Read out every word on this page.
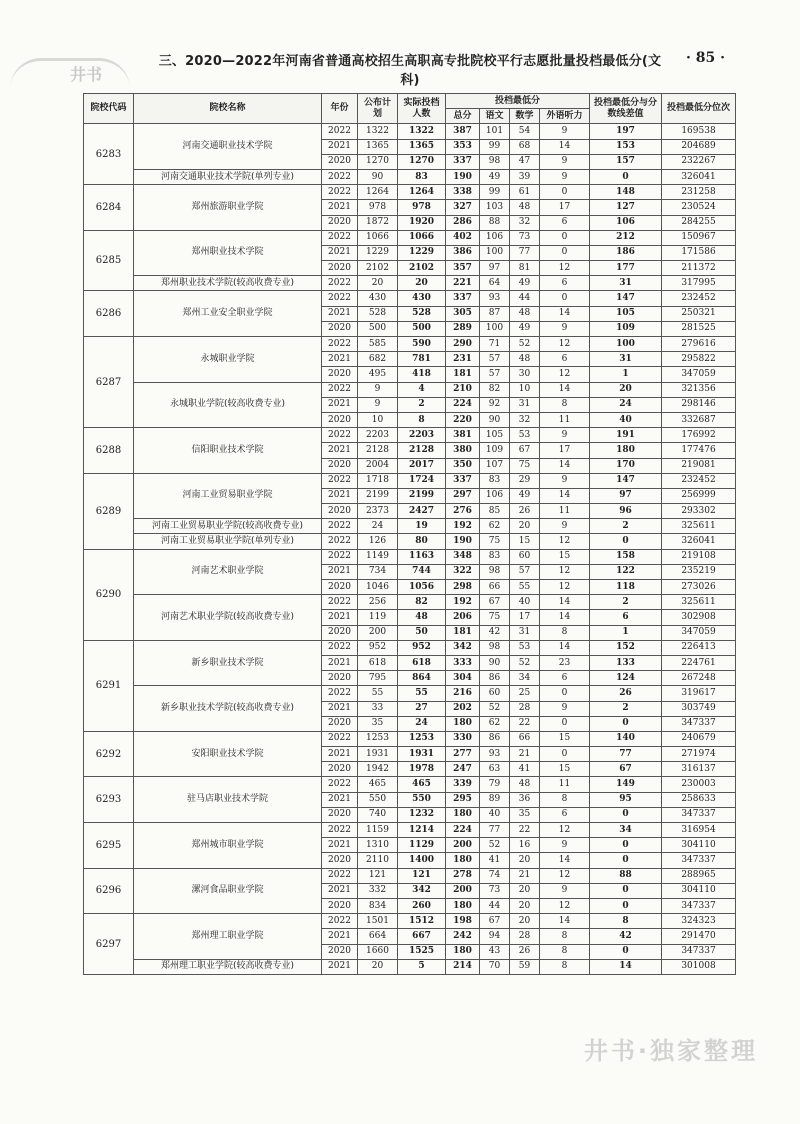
井书
三、2020—2022年河南省普通高校招生高职高专批院校平行志愿批量投档最低分(文科)
· 85 ·
院校代码	院校名称	年份	公布计划	实际投档人数	投档最低分				投档最低分与分数线差值	投档最低分位次
					总分	语文	数学	外语听力		
6283	河南交通职业技术学院	2022	1322	1322	387	101	54	9	197	169538
		2021	1365	1365	353	99	68	14	153	204689
		2020	1270	1270	337	98	47	9	157	232267
	河南交通职业技术学院(单列专业)	2022	90	83	190	49	39	9	0	326041
6284	郑州旅游职业学院	2022	1264	1264	338	99	61	0	148	231258
		2021	978	978	327	103	48	17	127	230524
		2020	1872	1920	286	88	32	6	106	284255
6285	郑州职业技术学院	2022	1066	1066	402	106	73	0	212	150967
		2021	1229	1229	386	100	77	0	186	171586
		2020	2102	2102	357	97	81	12	177	211372
	郑州职业技术学院(较高收费专业)	2022	20	20	221	64	49	6	31	317995
6286	郑州工业安全职业学院	2022	430	430	337	93	44	0	147	232452
		2021	528	528	305	87	48	14	105	250321
		2020	500	500	289	100	49	9	109	281525
6287	永城职业学院	2022	585	590	290	71	52	12	100	279616
		2021	682	781	231	57	48	6	31	295822
		2020	495	418	181	57	30	12	1	347059
	永城职业学院(较高收费专业)	2022	9	4	210	82	10	14	20	321356
		2021	9	2	224	92	31	8	24	298146
		2020	10	8	220	90	32	11	40	332687
6288	信阳职业技术学院	2022	2203	2203	381	105	53	9	191	176992
		2021	2128	2128	380	109	67	17	180	177476
		2020	2004	2017	350	107	75	14	170	219081
6289	河南工业贸易职业学院	2022	1718	1724	337	83	29	9	147	232452
		2021	2199	2199	297	106	49	14	97	256999
		2020	2373	2427	276	85	26	11	96	293302
	河南工业贸易职业学院(较高收费专业)	2022	24	19	192	62	20	9	2	325611
	河南工业贸易职业学院(单列专业)	2022	126	80	190	75	15	12	0	326041
6290	河南艺术职业学院	2022	1149	1163	348	83	60	15	158	219108
		2021	734	744	322	98	57	12	122	235219
		2020	1046	1056	298	66	55	12	118	273026
	河南艺术职业学院(较高收费专业)	2022	256	82	192	67	40	14	2	325611
		2021	119	48	206	75	17	14	6	302908
		2020	200	50	181	42	31	8	1	347059
6291	新乡职业技术学院	2022	952	952	342	98	53	14	152	226413
		2021	618	618	333	90	52	23	133	224761
		2020	795	864	304	86	34	6	124	267248
	新乡职业技术学院(较高收费专业)	2022	55	55	216	60	25	0	26	319617
		2021	33	27	202	52	28	9	2	303749
		2020	35	24	180	62	22	0	0	347337
6292	安阳职业技术学院	2022	1253	1253	330	86	66	15	140	240679
		2021	1931	1931	277	93	21	0	77	271974
		2020	1942	1978	247	63	41	15	67	316137
6293	驻马店职业技术学院	2022	465	465	339	79	48	11	149	230003
		2021	550	550	295	89	36	8	95	258633
		2020	740	1232	180	40	35	6	0	347337
6295	郑州城市职业学院	2022	1159	1214	224	77	22	12	34	316954
		2021	1310	1129	200	52	16	9	0	304110
		2020	2110	1400	180	41	20	14	0	347337
6296	漯河食品职业学院	2022	121	121	278	74	21	12	88	288965
		2021	332	342	200	73	20	9	0	304110
		2020	834	260	180	44	20	12	0	347337
6297	郑州理工职业学院	2022	1501	1512	198	67	20	14	8	324323
		2021	664	667	242	94	28	8	42	291470
		2020	1660	1525	180	43	26	8	0	347337
	郑州理工职业学院(较高收费专业)	2021	20	5	214	70	59	8	14	301008
井书·独家整理
